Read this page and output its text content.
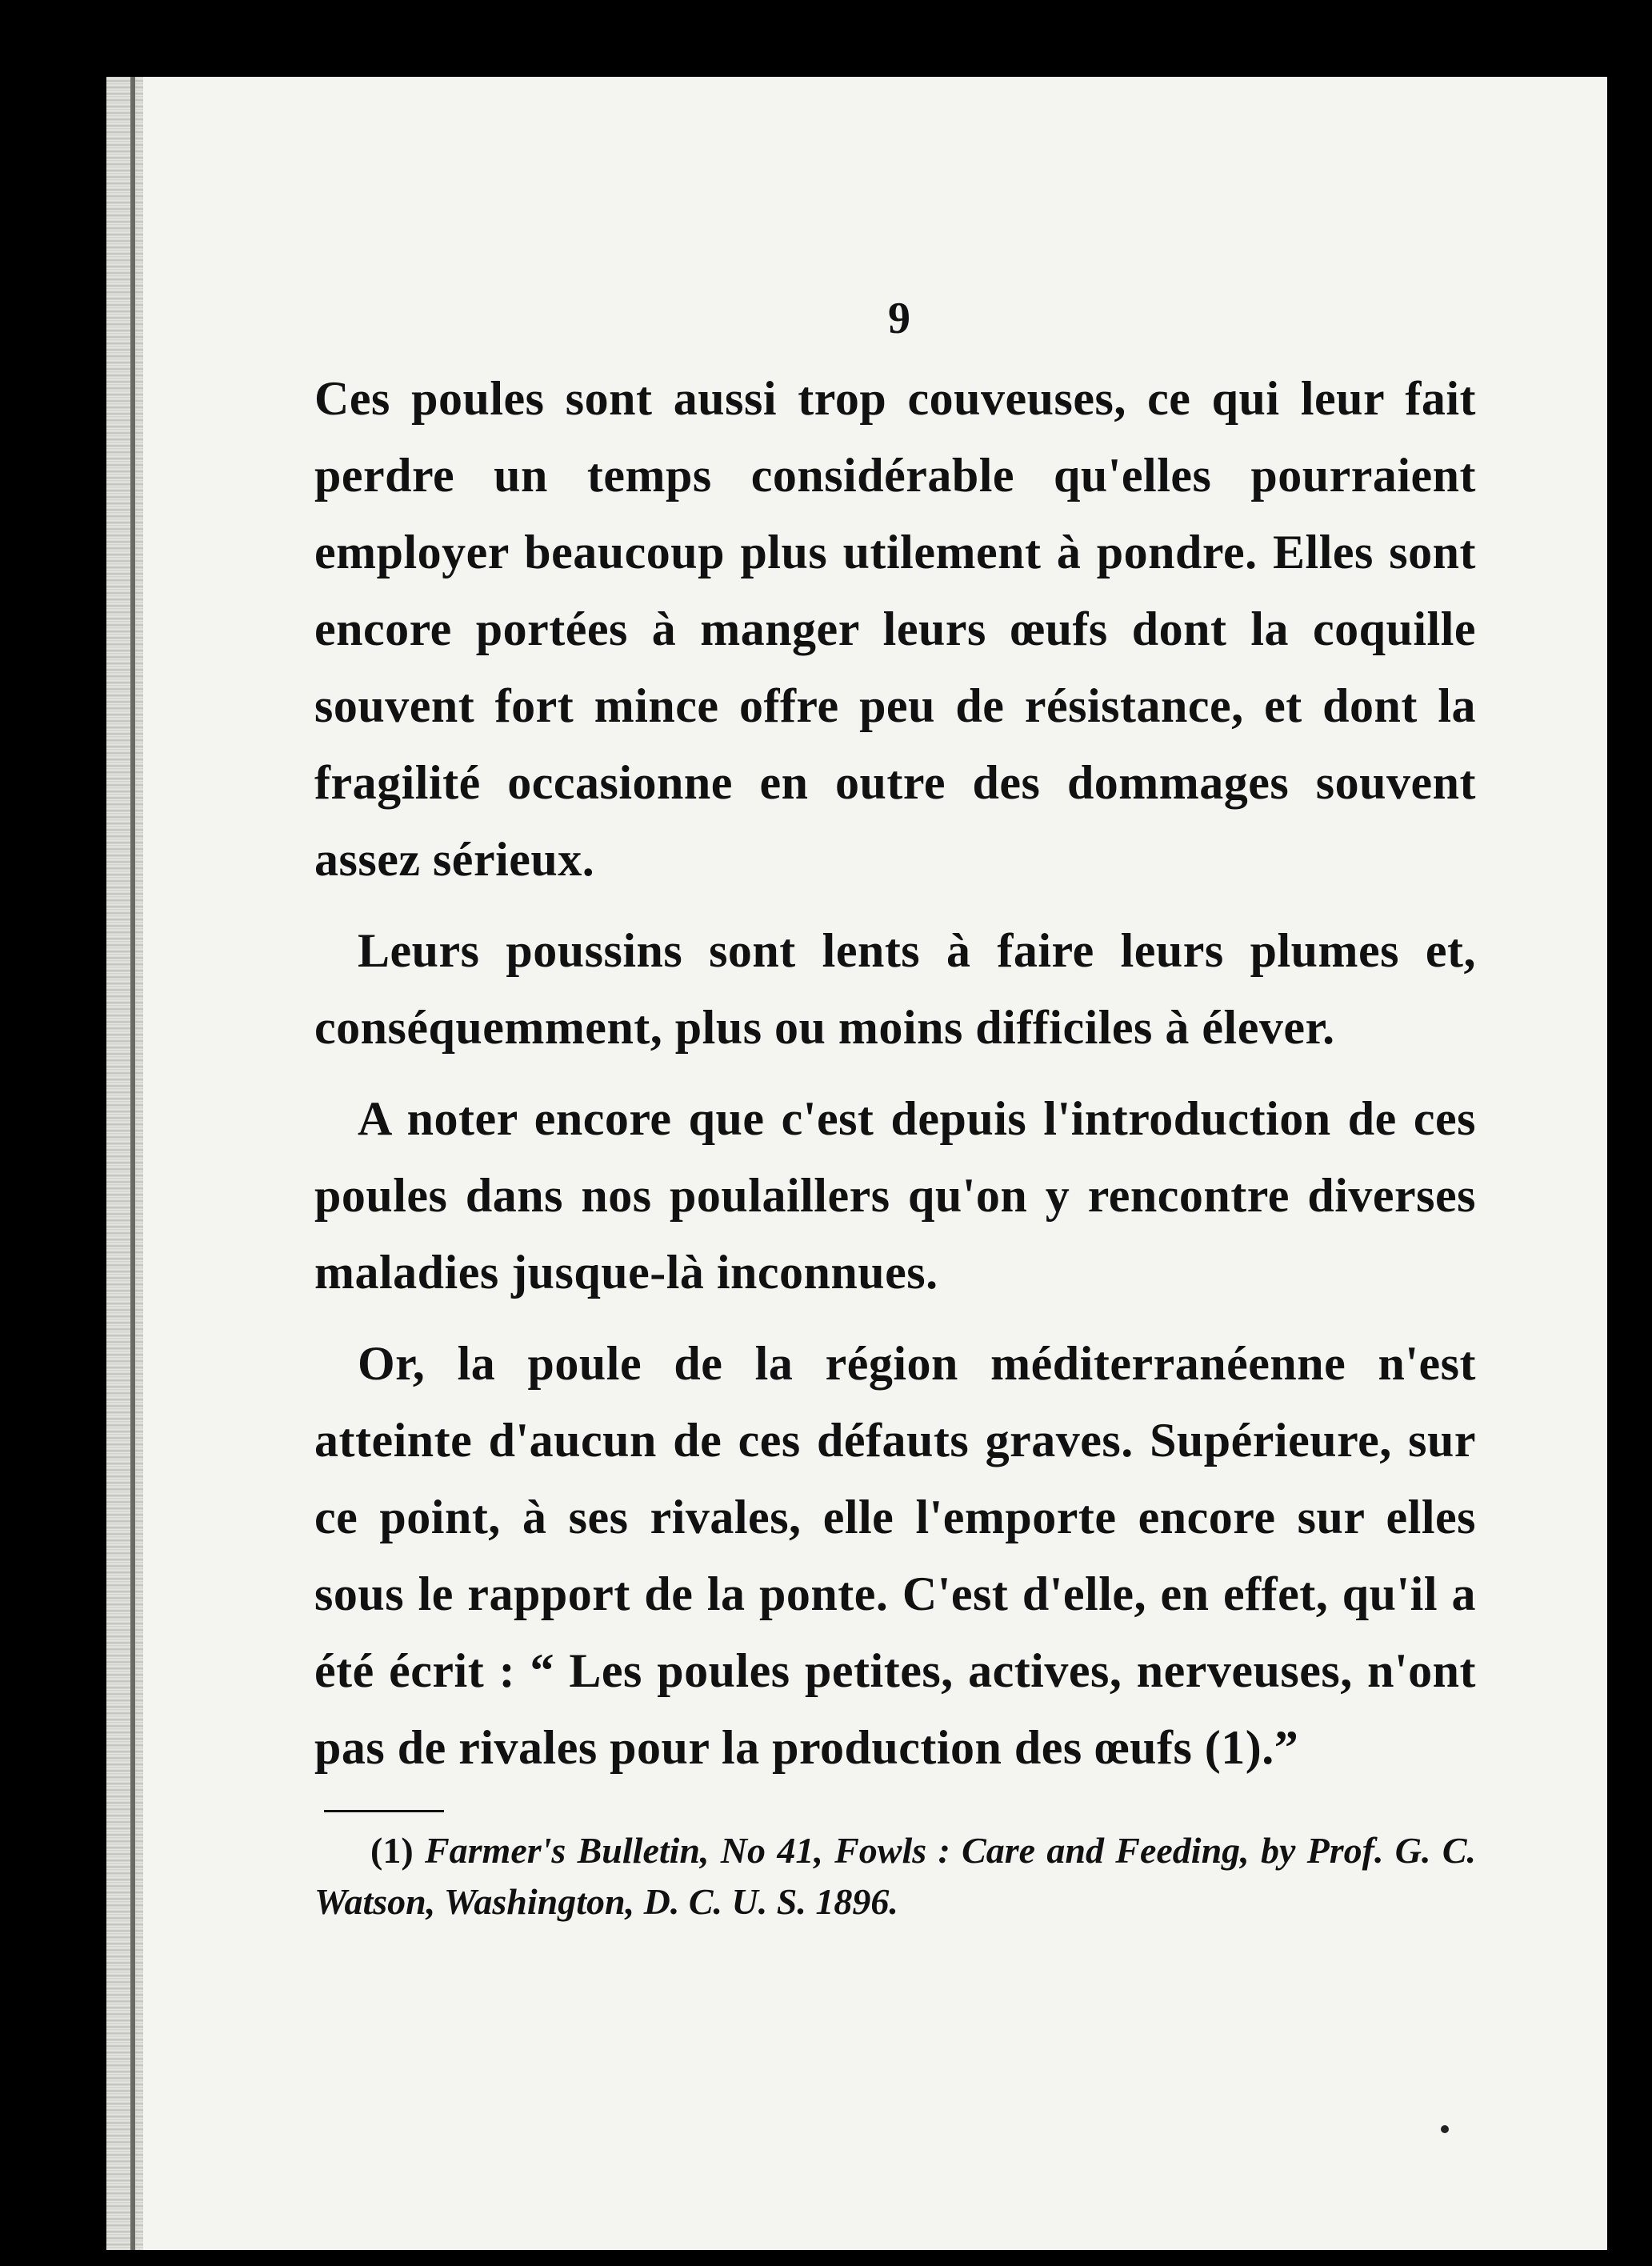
9

Ces poules sont aussi trop couveuses, ce qui leur fait perdre un temps considérable qu'elles pourraient employer beaucoup plus utilement à pondre. Elles sont encore portées à manger leurs œufs dont la coquille souvent fort mince offre peu de résistance, et dont la fragilité occasionne en outre des dommages souvent assez sérieux.

Leurs poussins sont lents à faire leurs plumes et, conséquemment, plus ou moins difficiles à élever.

A noter encore que c'est depuis l'introduction de ces poules dans nos poulaillers qu'on y rencontre diverses maladies jusque-là inconnues.

Or, la poule de la région méditerranéenne n'est atteinte d'aucun de ces défauts graves. Supérieure, sur ce point, à ses rivales, elle l'emporte encore sur elles sous le rapport de la ponte. C'est d'elle, en effet, qu'il a été écrit : “ Les poules petites, actives, nerveuses, n'ont pas de rivales pour la production des œufs (1).”

(1) Farmer's Bulletin, No 41, Fowls : Care and Feeding, by Prof. G. C. Watson, Washington, D. C. U. S. 1896.
